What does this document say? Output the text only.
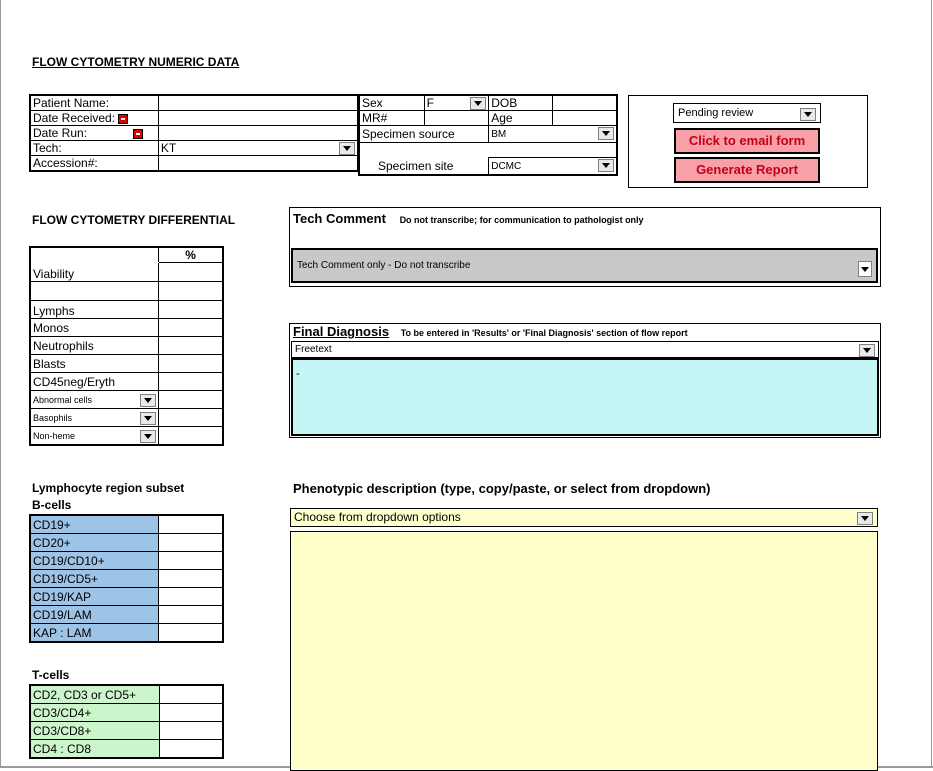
FLOW CYTOMETRY NUMERIC DATA
Patient Name:	
Date Received:	
Date Run:	
Tech:	KT

Accession#:	
Sex	F	DOB	
MR#		Age	
Specimen source		BM	

Specimen site		DCMC	
Pending review
Click to email form
Generate Report
FLOW CYTOMETRY DIFFERENTIAL
	%
Viability	

Lymphs	
Monos	
Neutrophils	
Blasts	
CD45neg/Eryth	
Abnormal cells

Basophils

Non-heme

Tech Comment Do not transcribe; for communication to pathologist only
Tech Comment only - Do not transcribe
Final Diagnosis To be entered in 'Results' or 'Final Diagnosis' section of flow report
Freetext
-
Lymphocyte region subset
B-cells
CD19+	
CD20+	
CD19/CD10+	
CD19/CD5+	
CD19/KAP	
CD19/LAM	
KAP : LAM	
T-cells
CD2, CD3 or CD5+	
CD3/CD4+	
CD3/CD8+	
CD4 : CD8	
Phenotypic description (type, copy/paste, or select from dropdown)
Choose from dropdown options
